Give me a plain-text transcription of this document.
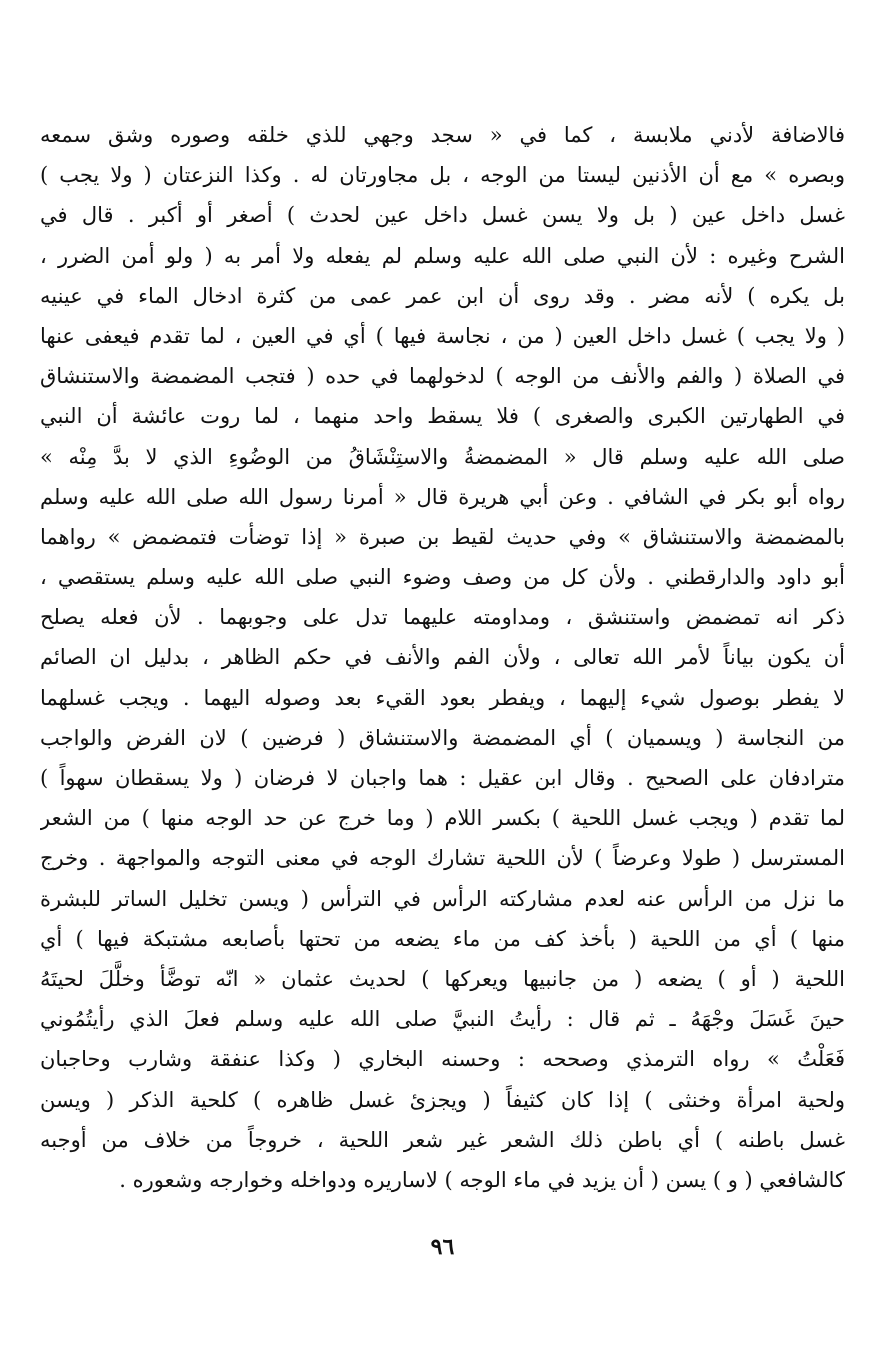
فالاضافة لأدني ملابسة ، كما في « سجد وجهي للذي خلقه وصوره وشق سمعه
وبصره » مع أن الأذنين ليستا من الوجه ، بل مجاورتان له . وكذا النزعتان ( ولا يجب )
غسل داخل عين ( بل ولا يسن غسل داخل عين لحدث ) أصغر أو أكبر . قال في
الشرح وغيره : لأن النبي صلى الله عليه وسلم لم يفعله ولا أمر به ( ولو أمن الضرر ،
بل يكره ) لأنه مضر . وقد روى أن ابن عمر عمى من كثرة ادخال الماء في عينيه
( ولا يجب ) غسل داخل العين ( من ، نجاسة فيها ) أي في العين ، لما تقدم فيعفى عنها
في الصلاة ( والفم والأنف من الوجه ) لدخولهما في حده ( فتجب المضمضة والاستنشاق
في الطهارتين الكبرى والصغرى ) فلا يسقط واحد منهما ، لما روت عائشة أن النبي
صلى الله عليه وسلم قال « المضمضةُ والاستِنْشَاقُ من الوضُوءِ الذي لا بدَّ مِنْه »
رواه أبو بكر في الشافي . وعن أبي هريرة قال « أمرنا رسول الله صلى الله عليه وسلم
بالمضمضة والاستنشاق » وفي حديث لقيط بن صبرة « إذا توضأت فتمضمض » رواهما
أبو داود والدارقطني . ولأن كل من وصف وضوء النبي صلى الله عليه وسلم يستقصي ،
ذكر انه تمضمض واستنشق ، ومداومته عليهما تدل على وجوبهما . لأن فعله يصلح
أن يكون بياناً لأمر الله تعالى ، ولأن الفم والأنف في حكم الظاهر ، بدليل ان الصائم
لا يفطر بوصول شيء إليهما ، ويفطر بعود القيء بعد وصوله اليهما . ويجب غسلهما
من النجاسة ( ويسميان ) أي المضمضة والاستنشاق ( فرضين ) لان الفرض والواجب
مترادفان على الصحيح . وقال ابن عقيل : هما واجبان لا فرضان ( ولا يسقطان سهواً )
لما تقدم ( ويجب غسل اللحية ) بكسر اللام ( وما خرج عن حد الوجه منها ) من الشعر
المسترسل ( طولا وعرضاً ) لأن اللحية تشارك الوجه في معنى التوجه والمواجهة . وخرج
ما نزل من الرأس عنه لعدم مشاركته الرأس في الترأس ( ويسن تخليل الساتر للبشرة
منها ) أي من اللحية ( بأخذ كف من ماء يضعه من تحتها بأصابعه مشتبكة فيها ) أي
اللحية ( أو ) يضعه ( من جانبيها ويعركها ) لحديث عثمان « انّه توضَّأ وخلَّلَ لحيتَهُ
حينَ غَسَلَ وجْهَهُ ـ ثم قال : رأيتُ النبيَّ صلى الله عليه وسلم فعلَ الذي رأيتُمُوني
فَعَلْتُ » رواه الترمذي وصححه : وحسنه البخاري ( وكذا عنفقة وشارب وحاجبان
ولحية امرأة وخنثى ) إذا كان كثيفاً ( ويجزئ غسل ظاهره ) كلحية الذكر ( ويسن
غسل باطنه ) أي باطن ذلك الشعر غير شعر اللحية ، خروجاً من خلاف من أوجبه
كالشافعي ( و ) يسن ( أن يزيد في ماء الوجه ) لاساريره ودواخله وخوارجه وشعوره .
٩٦
